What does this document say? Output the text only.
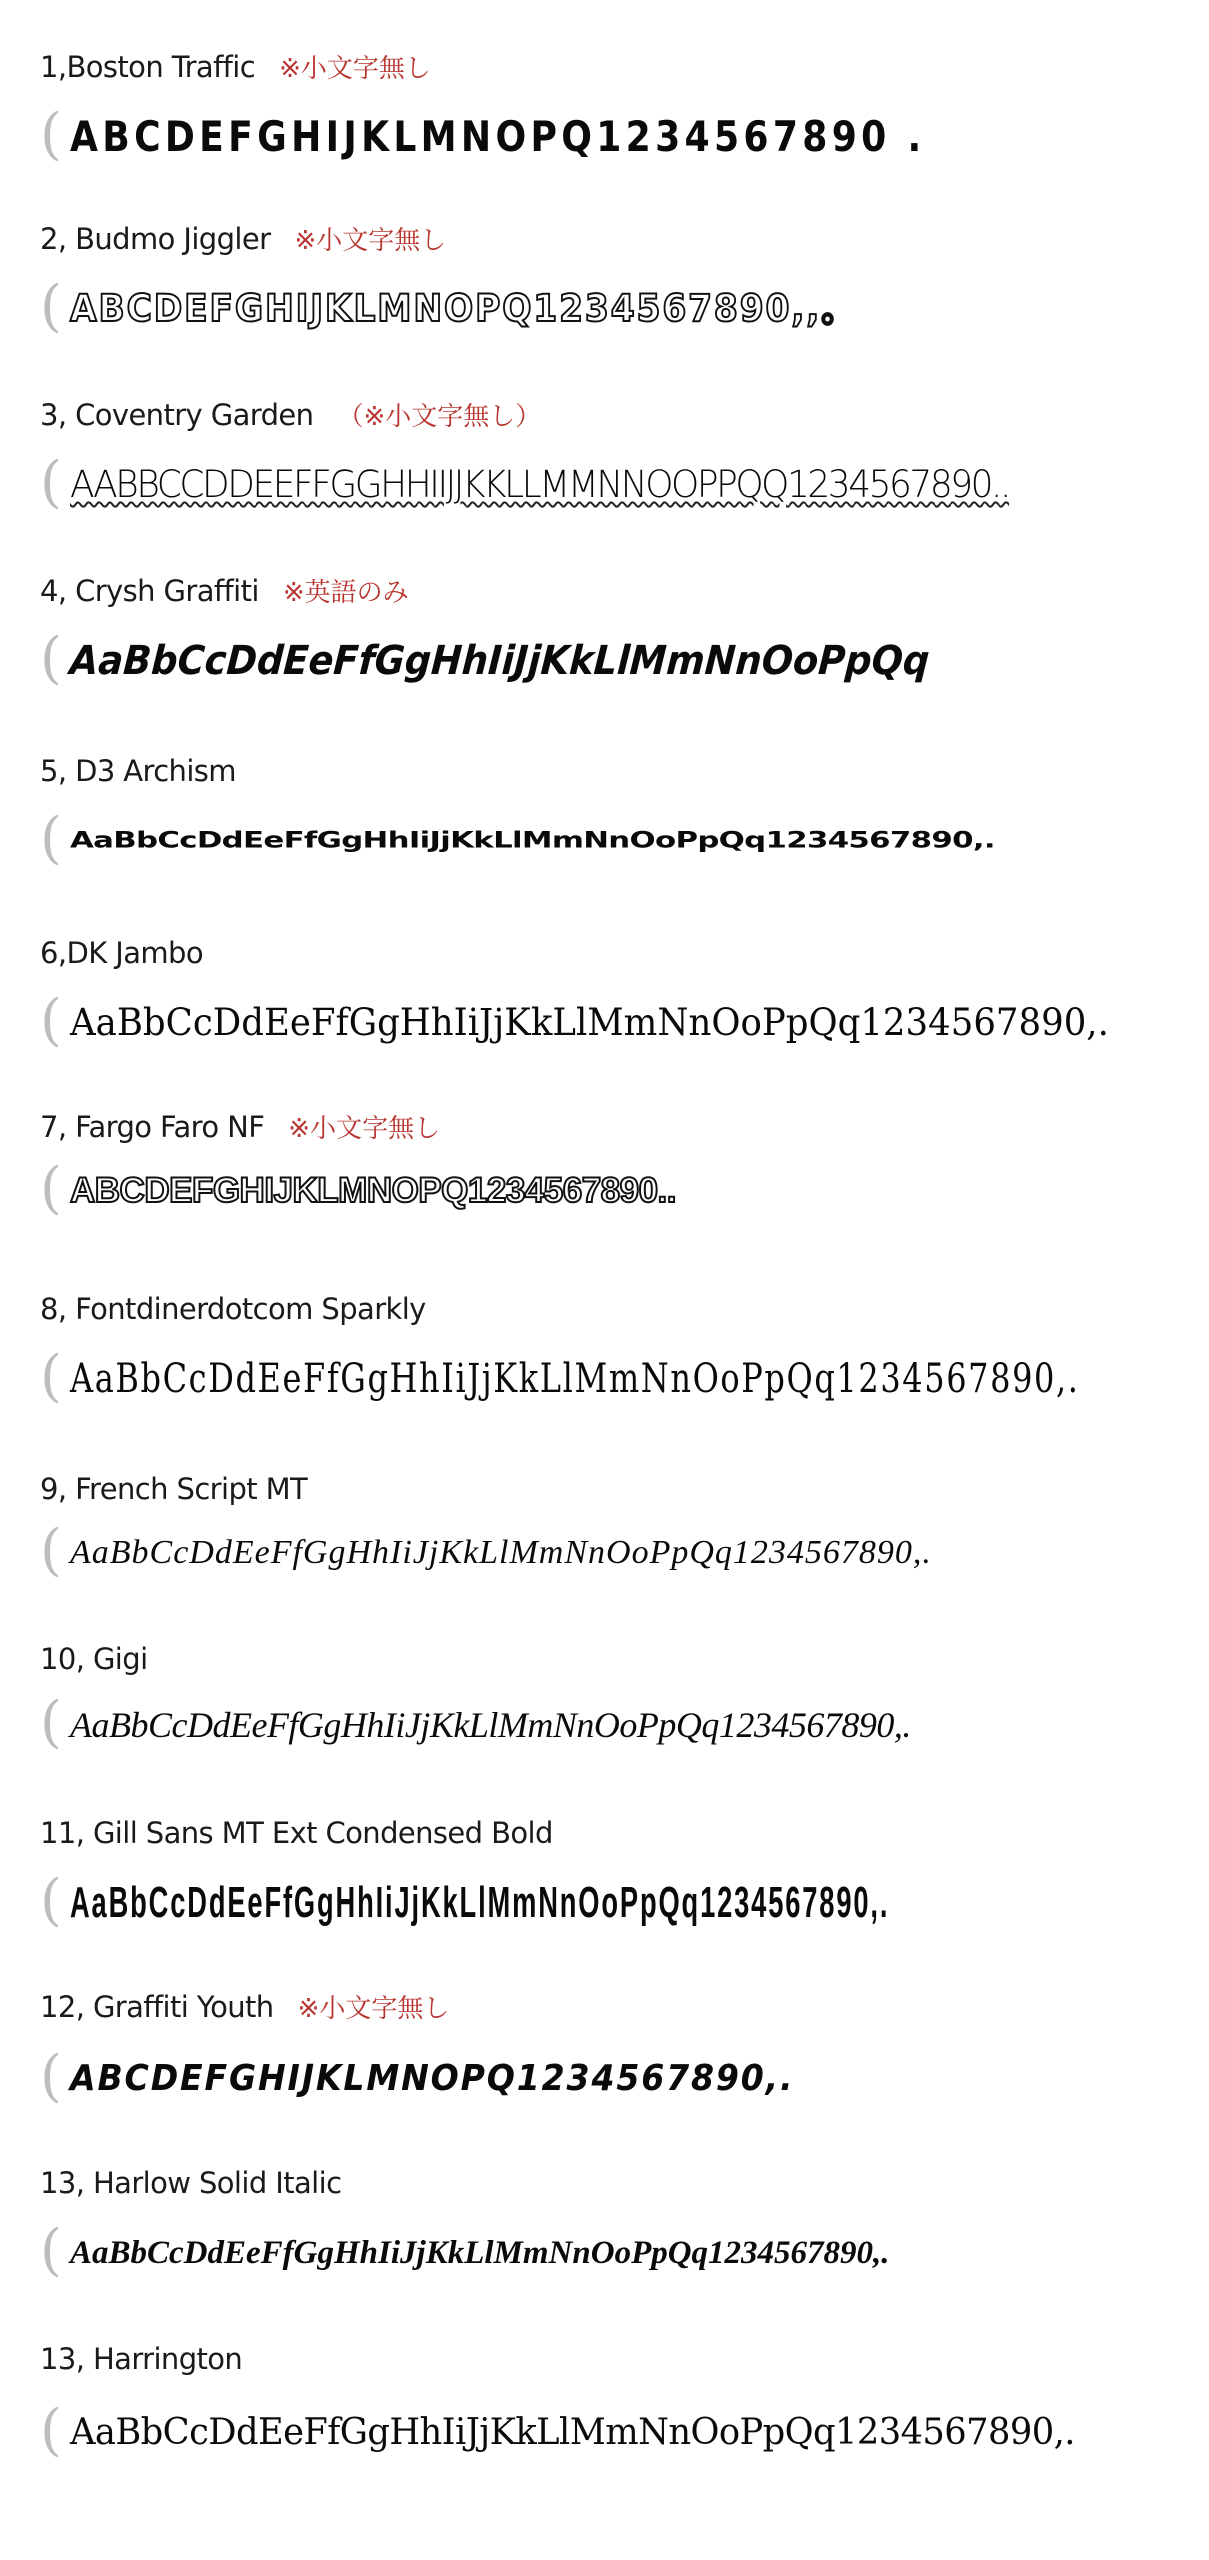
1,Boston Traffic ※小文字無し
( ABCDEFGHIJKLMNOPQ1234567890 .
2, Budmo Jiggler ※小文字無し
( ABCDEFGHIJKLMNOPQ1234567890,,。
3, Coventry Garden （※小文字無し）
( AABBCCDDEEFFGGHHIIJJKKLLMMNNOOPPQQ1234567890..
4, Crysh Graffiti ※英語のみ
( AaBbCcDdEeFfGgHhIiJjKkLlMmNnOoPpQq
5, D3 Archism
( AaBbCcDdEeFfGgHhIiJjKkLlMmNnOoPpQq1234567890,.
6,DK Jambo
( AaBbCcDdEeFfGgHhIiJjKkLlMmNnOoPpQq1234567890,.
7, Fargo Faro NF ※小文字無し
( ABCDEFGHIJKLMNOPQ1234567890..
8, Fontdinerdotcom Sparkly
( AaBbCcDdEeFfGgHhIiJjKkLlMmNnOoPpQq1234567890,.
9, French Script MT
( AaBbCcDdEeFfGgHhIiJjKkLlMmNnOoPpQq1234567890,.
10, Gigi
( AaBbCcDdEeFfGgHhIiJjKkLlMmNnOoPpQq1234567890,.
11, Gill Sans MT Ext Condensed Bold
( AaBbCcDdEeFfGgHhIiJjKkLlMmNnOoPpQq1234567890,.
12, Graffiti Youth ※小文字無し
( ABCDEFGHIJKLMNOPQ1234567890,.
13, Harlow Solid Italic
( AaBbCcDdEeFfGgHhIiJjKkLlMmNnOoPpQq1234567890,.
13, Harrington
( AaBbCcDdEeFfGgHhIiJjKkLlMmNnOoPpQq1234567890,.
